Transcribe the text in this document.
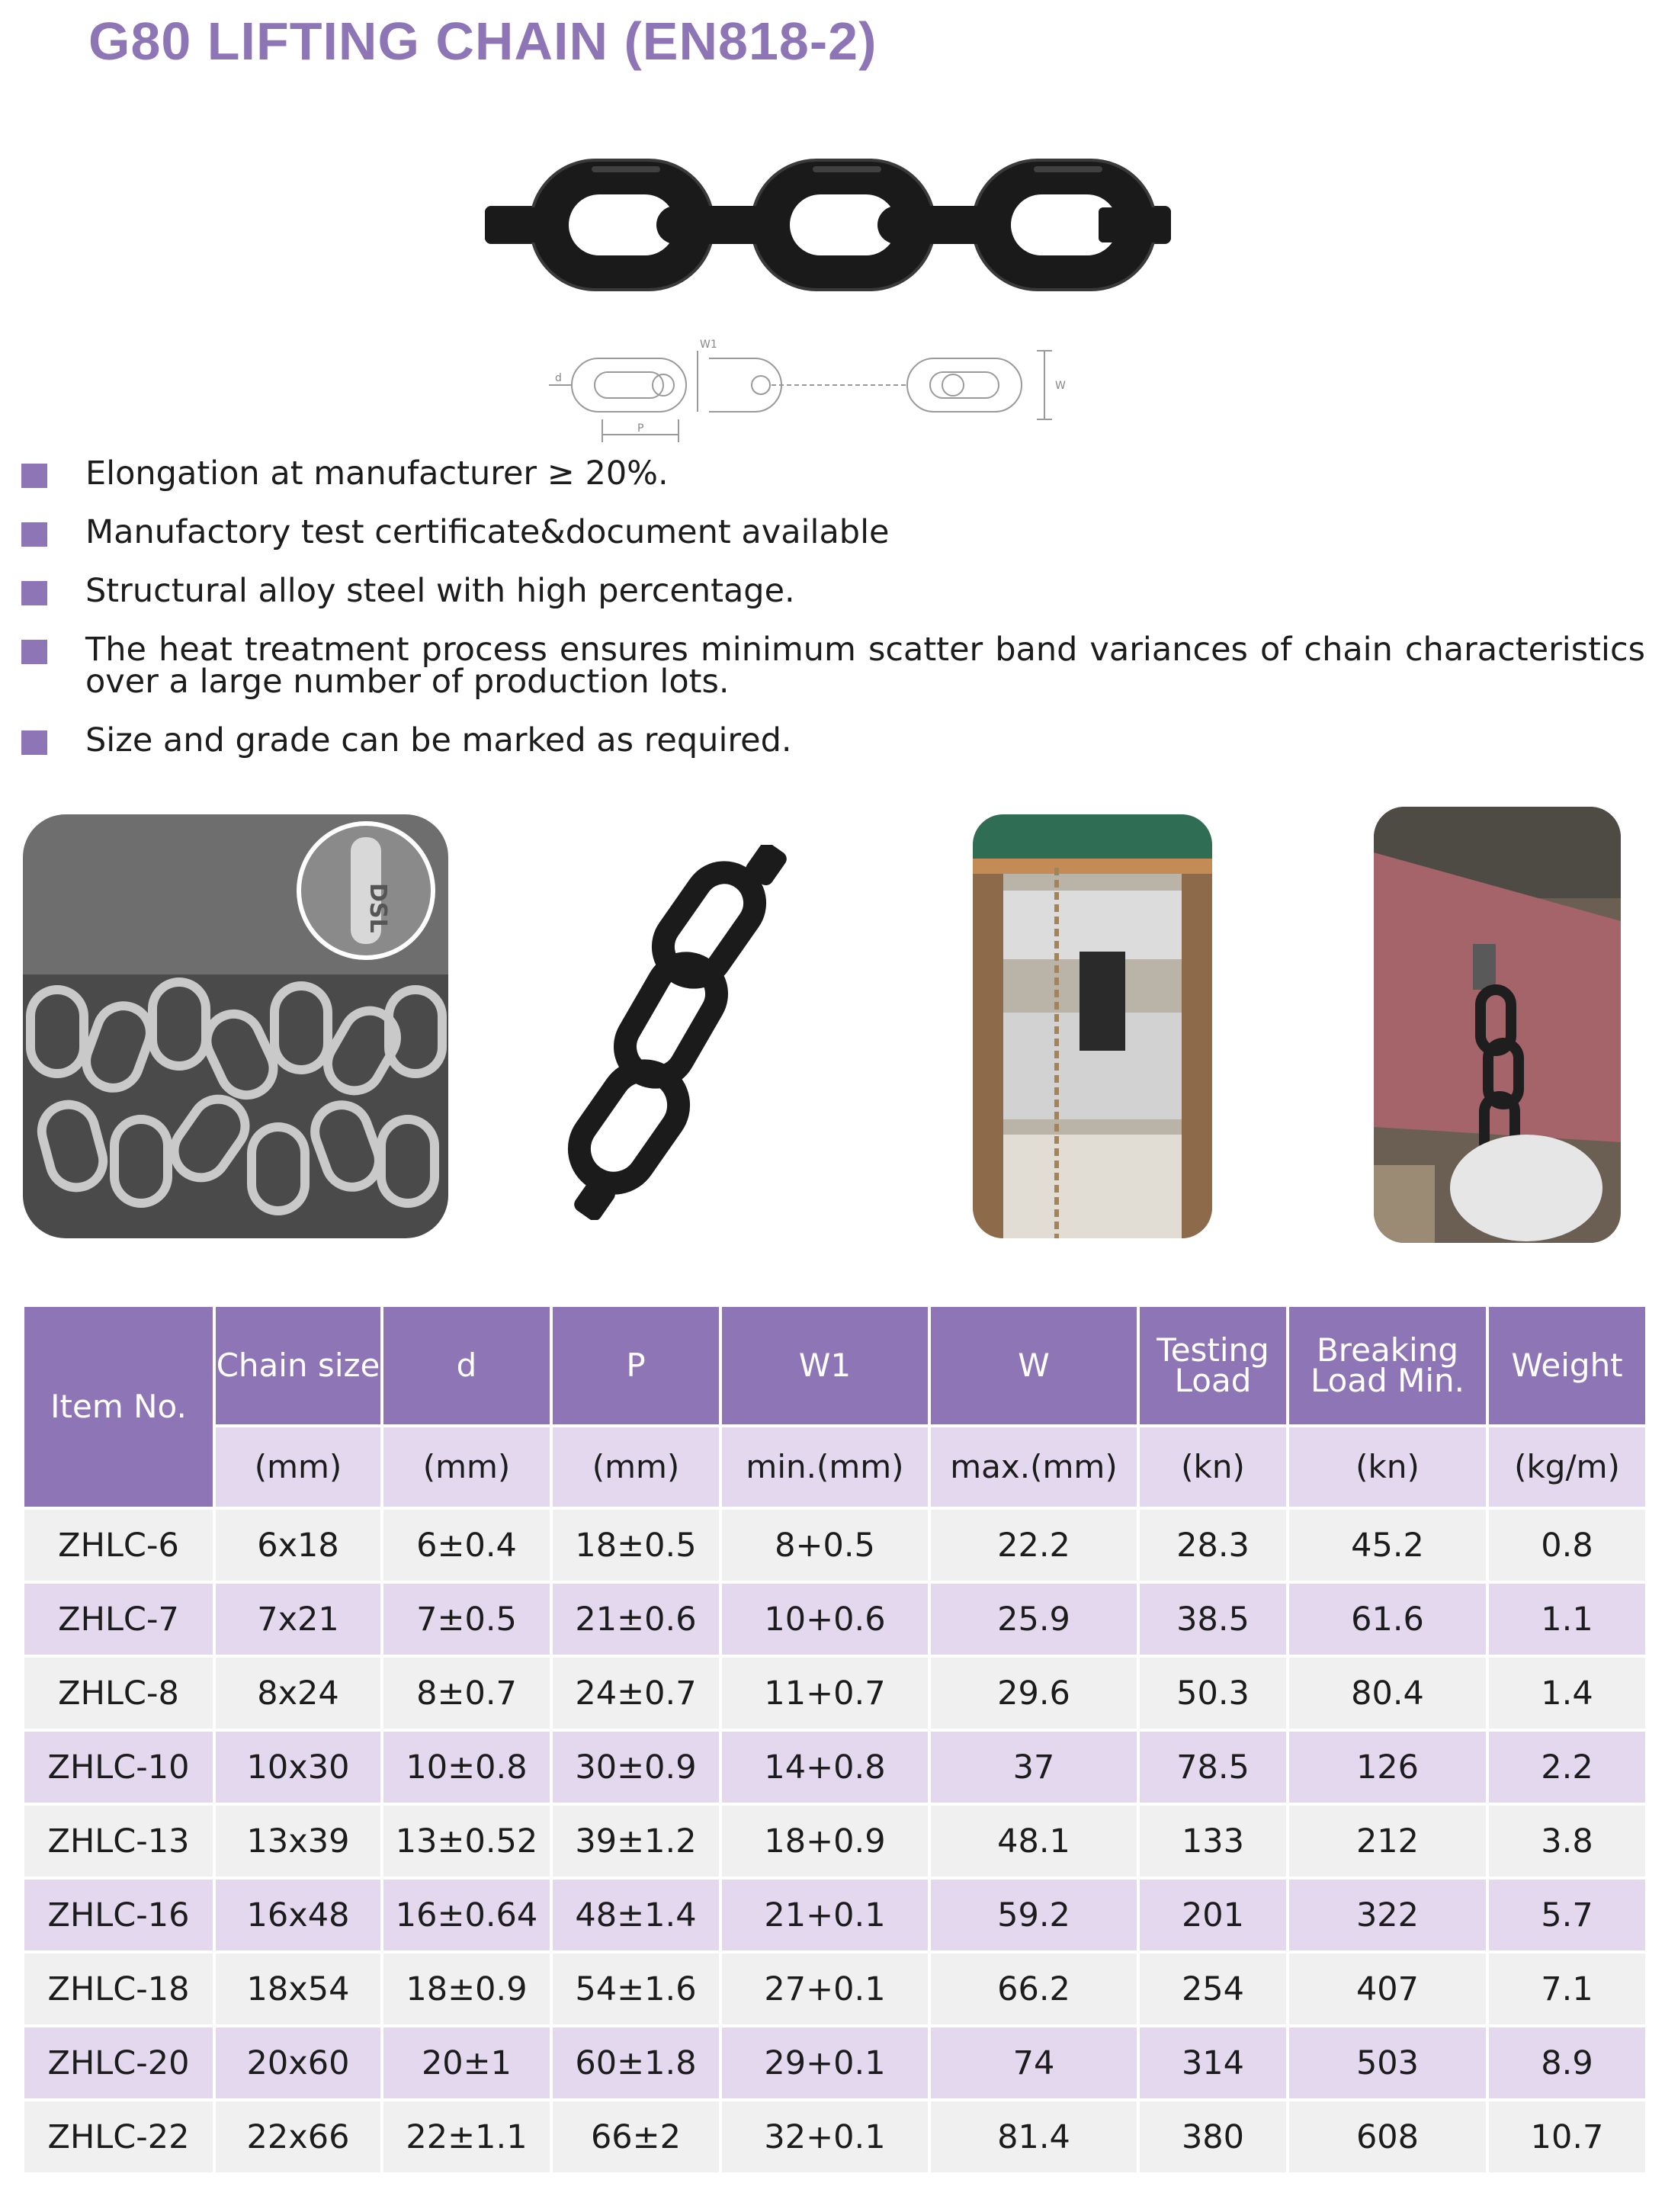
G80 LIFTING CHAIN (EN818-2)
d
P
W1
W
Elongation at manufacturer ≥ 20%.
Manufactory test certificate&document available
Structural alloy steel with high percentage.
The heat treatment process ensures minimum scatter band variances of chain characteristics over a large number of production lots.
Size and grade can be marked as required.
DSL
Item No.	Chain size	d	P	W1	W	Testing Load	Breaking Load Min.	Weight
	(mm)	(mm)	(mm)	min.(mm)	max.(mm)	(kn)	(kn)	(kg/m)
ZHLC-6	6x18	6±0.4	18±0.5	8+0.5	22.2	28.3	45.2	0.8
ZHLC-7	7x21	7±0.5	21±0.6	10+0.6	25.9	38.5	61.6	1.1
ZHLC-8	8x24	8±0.7	24±0.7	11+0.7	29.6	50.3	80.4	1.4
ZHLC-10	10x30	10±0.8	30±0.9	14+0.8	37	78.5	126	2.2
ZHLC-13	13x39	13±0.52	39±1.2	18+0.9	48.1	133	212	3.8
ZHLC-16	16x48	16±0.64	48±1.4	21+0.1	59.2	201	322	5.7
ZHLC-18	18x54	18±0.9	54±1.6	27+0.1	66.2	254	407	7.1
ZHLC-20	20x60	20±1	60±1.8	29+0.1	74	314	503	8.9
ZHLC-22	22x66	22±1.1	66±2	32+0.1	81.4	380	608	10.7
